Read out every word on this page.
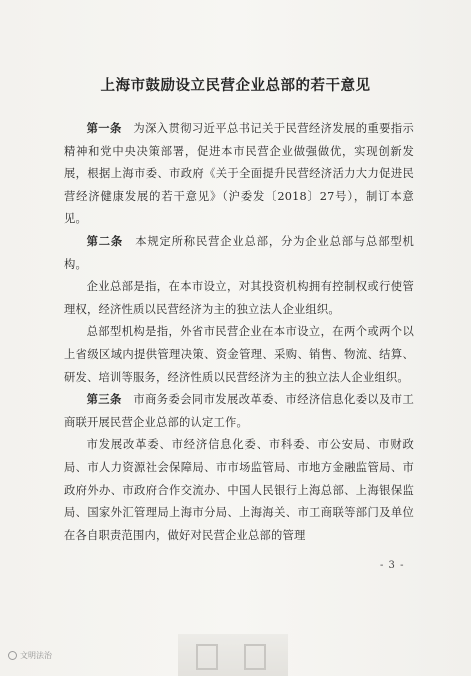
上海市鼓励设立民营企业总部的若干意见

第一条  为深入贯彻习近平总书记关于民营经济发展的重要指示精神和党中央决策部署，促进本市民营企业做强做优，实现创新发展，根据上海市委、市政府《关于全面提升民营经济活力大力促进民营经济健康发展的若干意见》（沪委发〔2018〕27号），制订本意见。

第二条  本规定所称民营企业总部，分为企业总部与总部型机构。

企业总部是指，在本市设立，对其投资机构拥有控制权或行使管理权，经济性质以民营经济为主的独立法人企业组织。

总部型机构是指，外省市民营企业在本市设立，在两个或两个以上省级区域内提供管理决策、资金管理、采购、销售、物流、结算、研发、培训等服务，经济性质以民营经济为主的独立法人企业组织。

第三条  市商务委会同市发展改革委、市经济信息化委以及市工商联开展民营企业总部的认定工作。

市发展改革委、市经济信息化委、市科委、市公安局、市财政局、市人力资源社会保障局、市市场监管局、市地方金融监管局、市政府外办、市政府合作交流办、中国人民银行上海总部、上海银保监局、国家外汇管理局上海市分局、上海海关、市工商联等部门及单位在各自职责范围内，做好对民营企业总部的管理

- 3 -
文明法治
